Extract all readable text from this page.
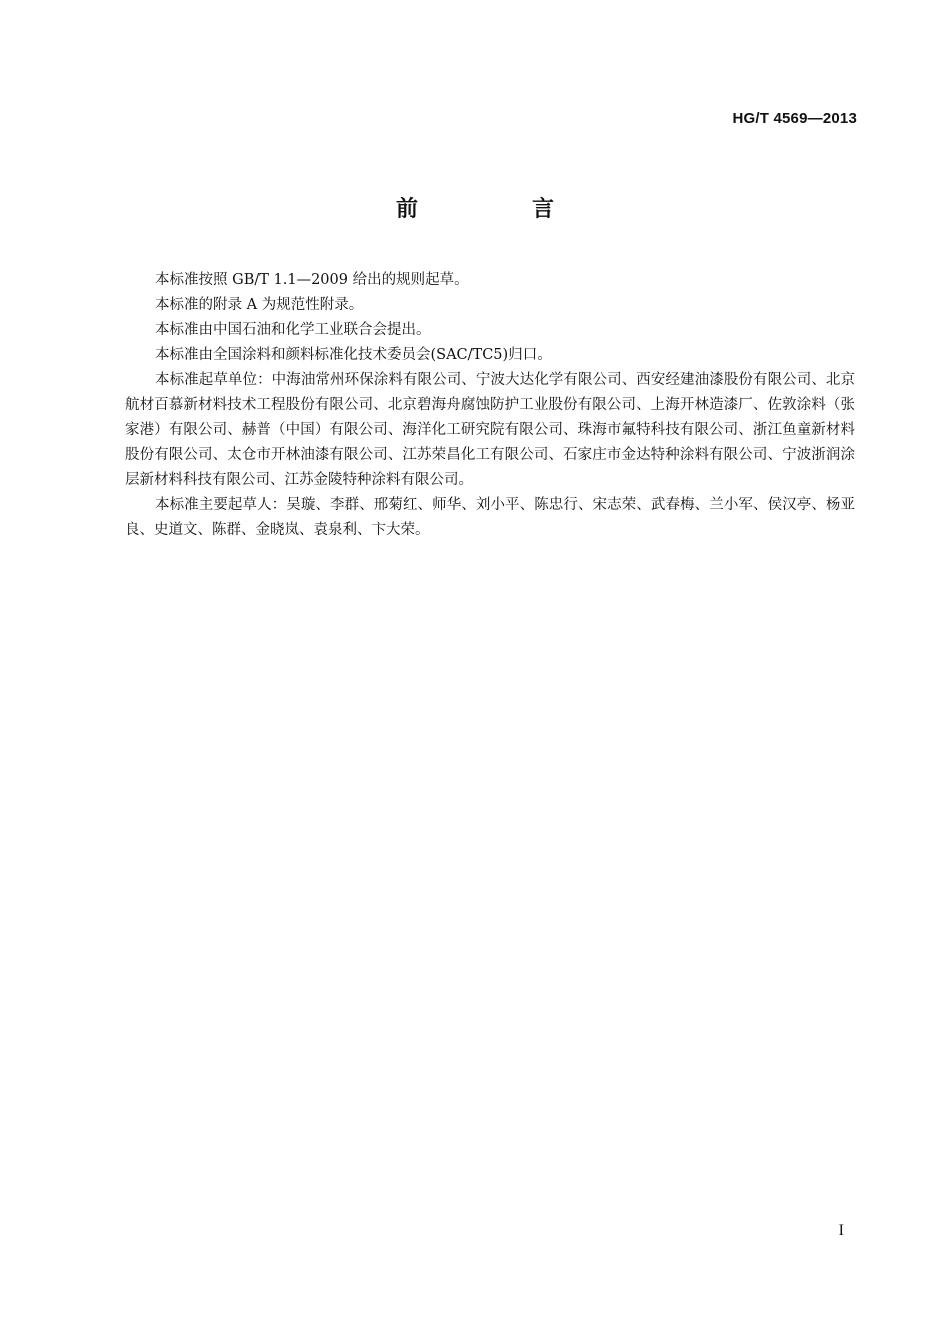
HG/T 4569—2013
前　言

本标准按照 GB/T 1.1—2009 给出的规则起草。

本标准的附录 A 为规范性附录。

本标准由中国石油和化学工业联合会提出。

本标准由全国涂料和颜料标准化技术委员会(SAC/TC5)归口。

本标准起草单位：中海油常州环保涂料有限公司、宁波大达化学有限公司、西安经建油漆股份有限公司、北京航材百慕新材料技术工程股份有限公司、北京碧海舟腐蚀防护工业股份有限公司、上海开林造漆厂、佐敦涂料（张家港）有限公司、赫普（中国）有限公司、海洋化工研究院有限公司、珠海市氟特科技有限公司、浙江鱼童新材料股份有限公司、太仓市开林油漆有限公司、江苏荣昌化工有限公司、石家庄市金达特种涂料有限公司、宁波浙润涂层新材料科技有限公司、江苏金陵特种涂料有限公司。

本标准主要起草人：吴璇、李群、邢菊红、师华、刘小平、陈忠行、宋志荣、武春梅、兰小军、侯汉亭、杨亚良、史道文、陈群、金晓岚、袁泉利、卞大荣。

I
